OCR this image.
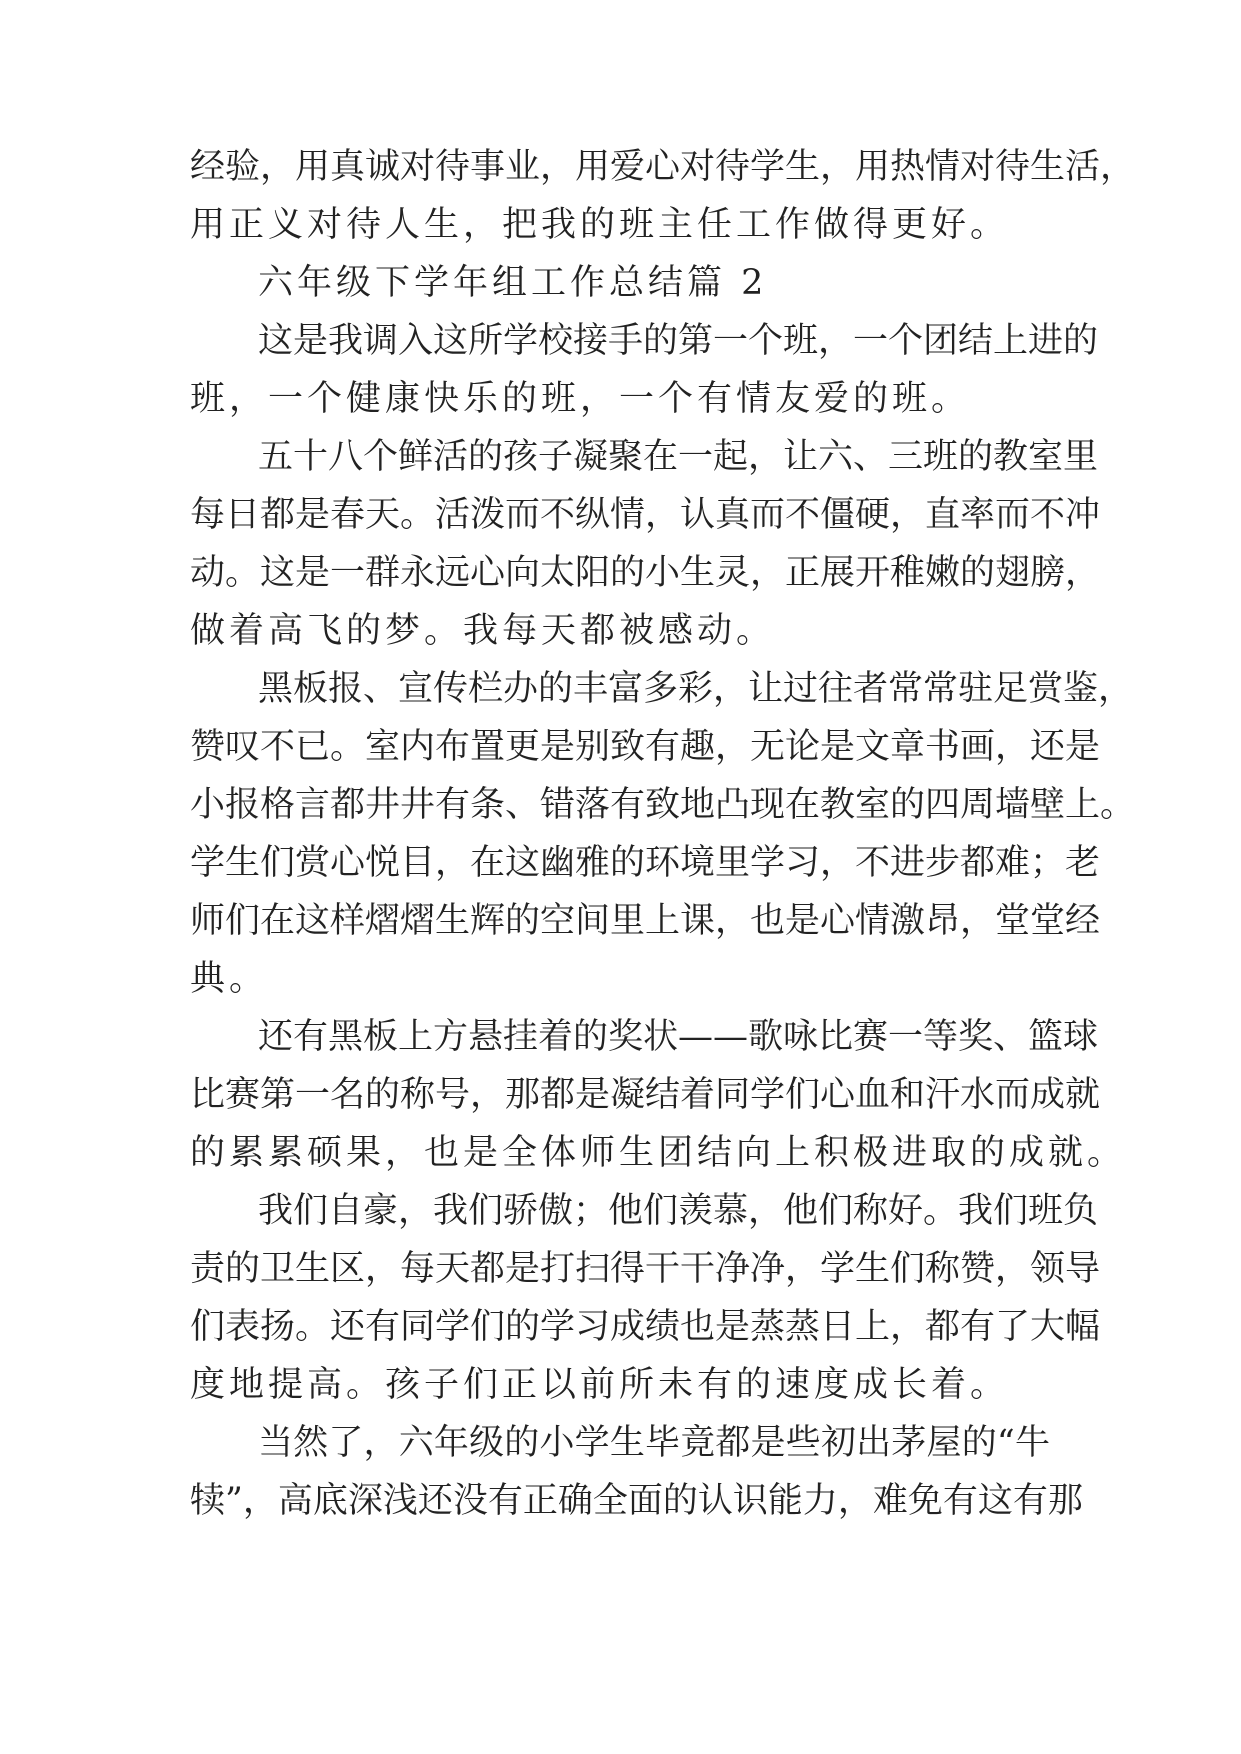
经验，用真诚对待事业，用爱心对待学生，用热情对待生活，
用正义对待人生，把我的班主任工作做得更好。
六年级下学年组工作总结篇 2
这是我调入这所学校接手的第一个班，一个团结上进的
班，一个健康快乐的班，一个有情友爱的班。
五十八个鲜活的孩子凝聚在一起，让六、三班的教室里
每日都是春天。活泼而不纵情，认真而不僵硬，直率而不冲
动。这是一群永远心向太阳的小生灵，正展开稚嫩的翅膀，
做着高飞的梦。我每天都被感动。
黑板报、宣传栏办的丰富多彩，让过往者常常驻足赏鉴，
赞叹不已。室内布置更是别致有趣，无论是文章书画，还是
小报格言都井井有条、错落有致地凸现在教室的四周墙壁上。
学生们赏心悦目，在这幽雅的环境里学习，不进步都难；老
师们在这样熠熠生辉的空间里上课，也是心情激昂，堂堂经
典。
还有黑板上方悬挂着的奖状——歌咏比赛一等奖、篮球
比赛第一名的称号，那都是凝结着同学们心血和汗水而成就
的累累硕果，也是全体师生团结向上积极进取的成就。
我们自豪，我们骄傲；他们羡慕，他们称好。我们班负
责的卫生区，每天都是打扫得干干净净，学生们称赞，领导
们表扬。还有同学们的学习成绩也是蒸蒸日上，都有了大幅
度地提高。孩子们正以前所未有的速度成长着。
当然了，六年级的小学生毕竟都是些初出茅屋的“牛
犊”，高底深浅还没有正确全面的认识能力，难免有这有那
